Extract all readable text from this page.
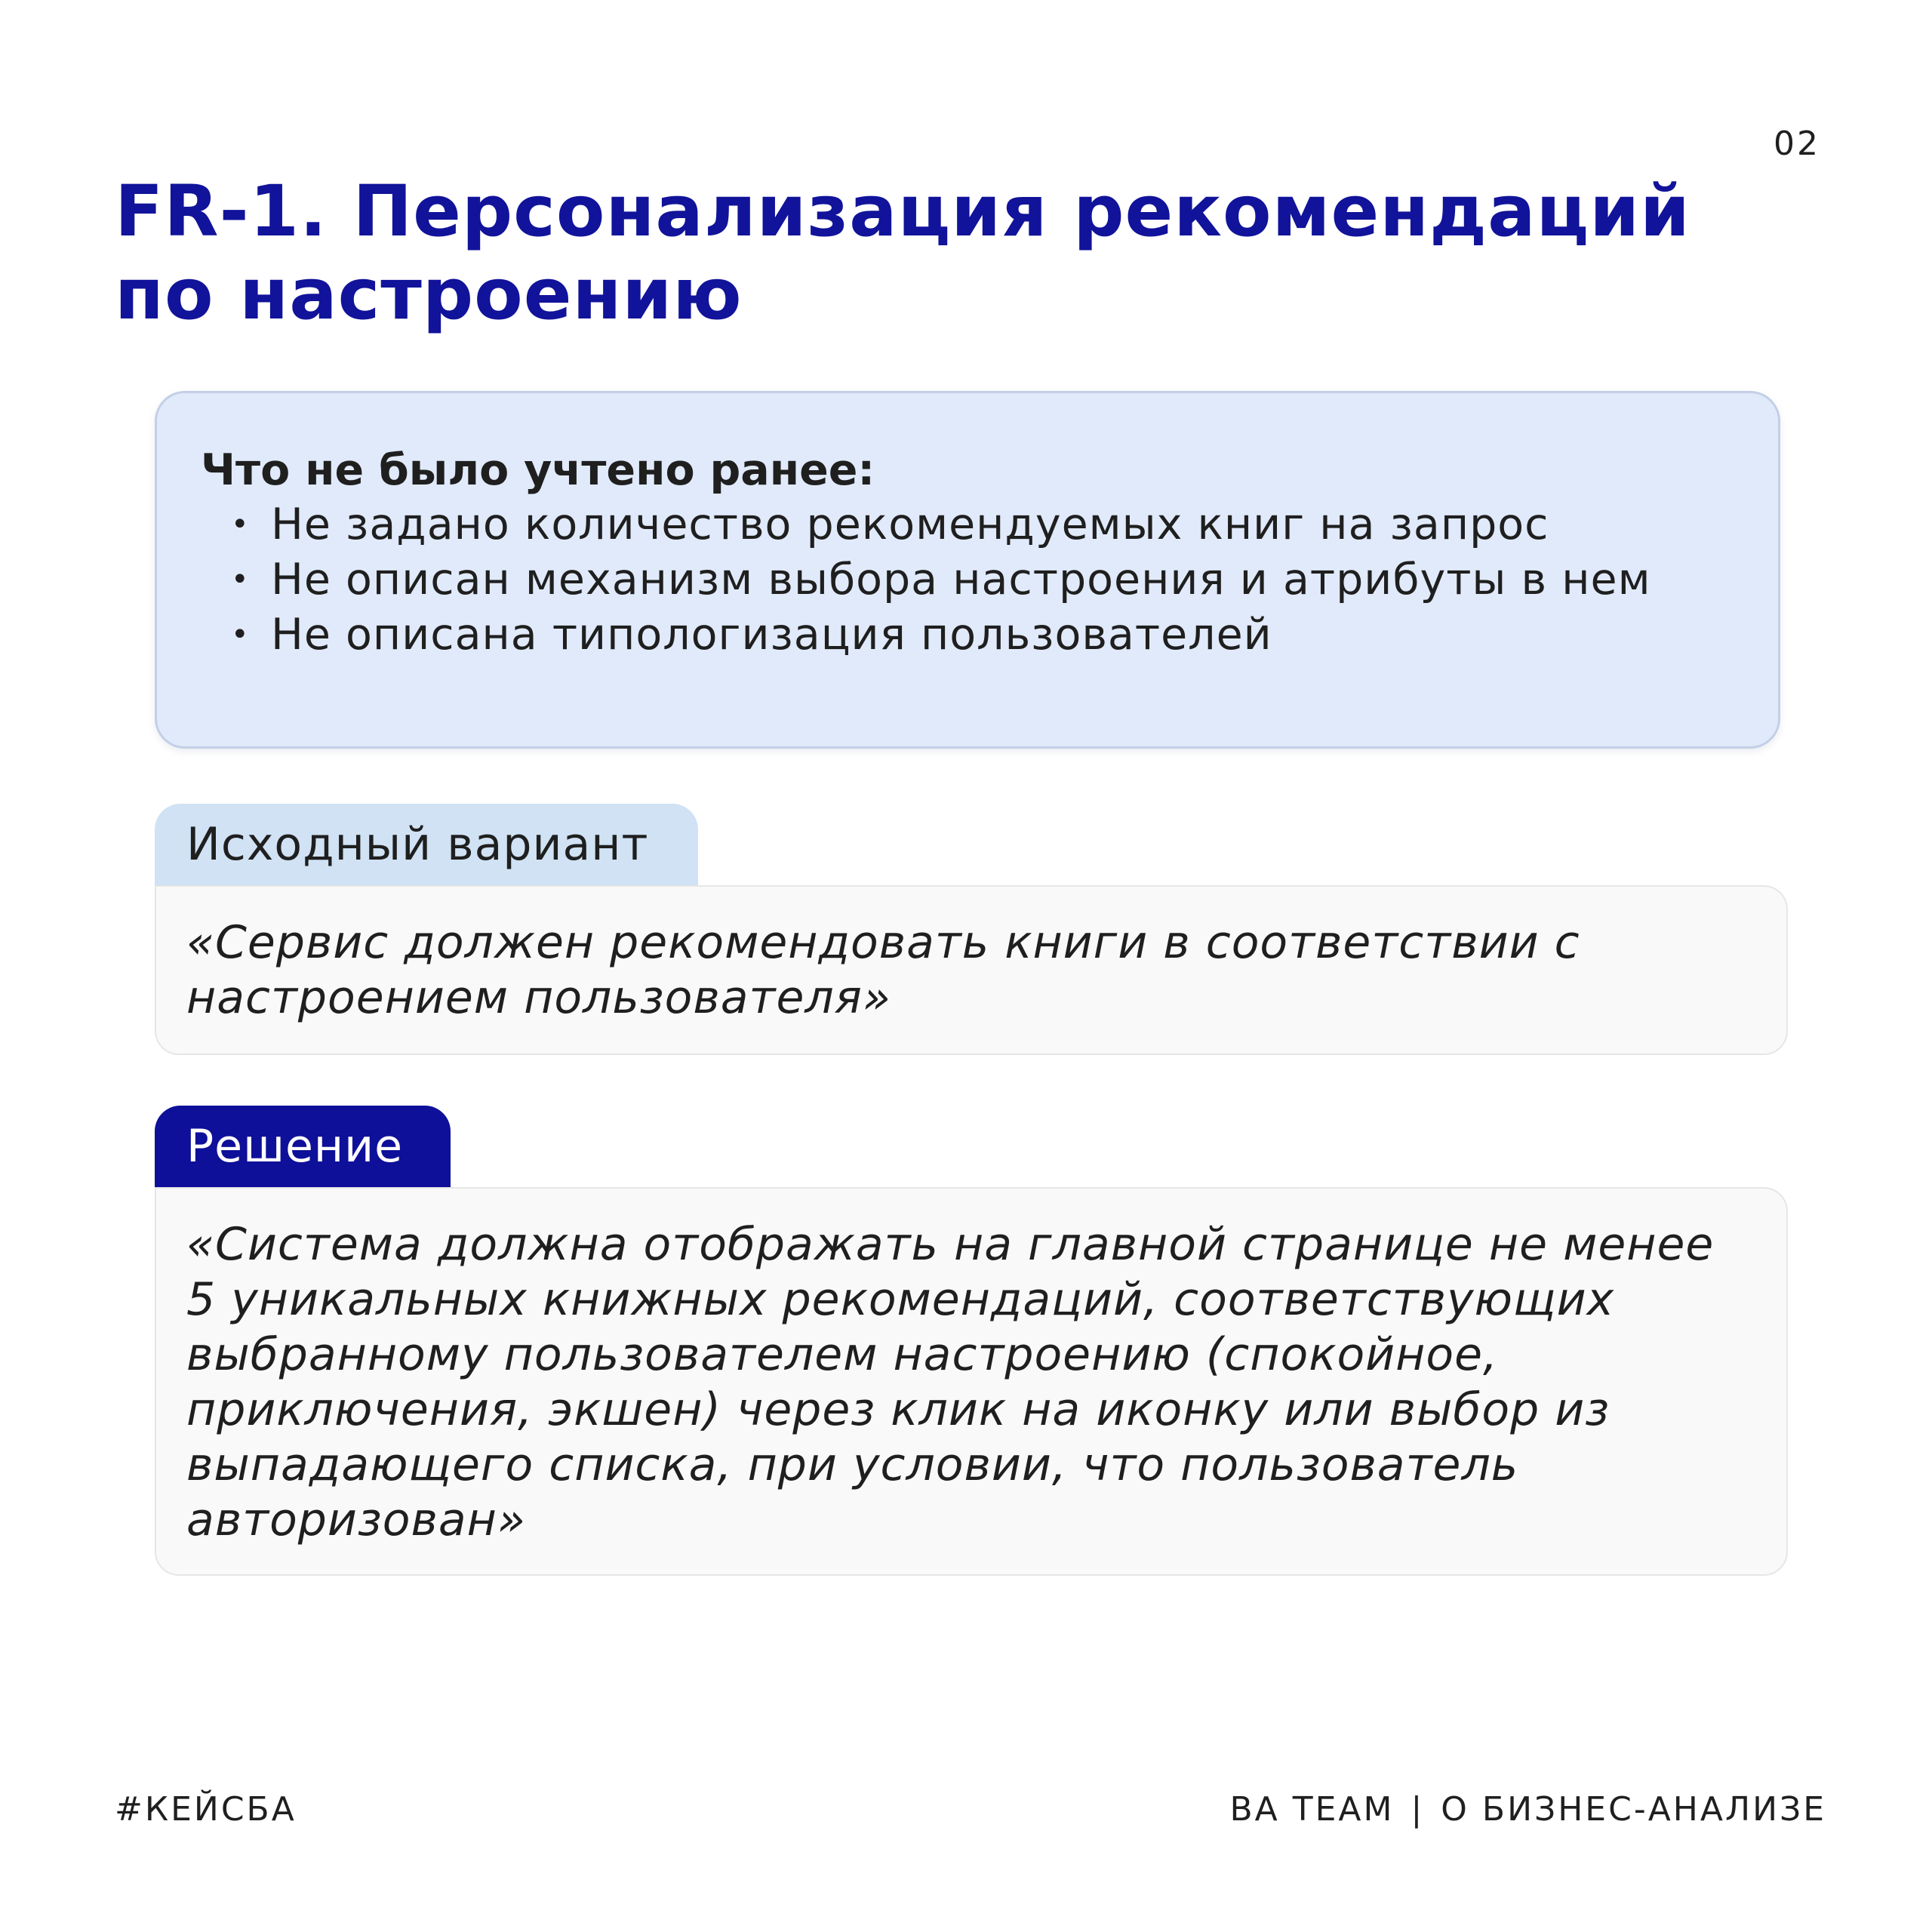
02
FR-1. Персонализация рекомендаций по настроению
Что не было учтено ранее:
• Не задано количество рекомендуемых книг на запрос
• Не описан механизм выбора настроения и атрибуты в нем
• Не описана типологизация пользователей
Исходный вариант
«Сервис должен рекомендовать книги в соответствии с настроением пользователя»
Решение
«Система должна отображать на главной странице не менее 5 уникальных книжных рекомендаций, соответствующих выбранному пользователем настроению (спокойное, приключения, экшен) через клик на иконку или выбор из выпадающего списка, при условии, что пользователь авторизован»
#КЕЙСБА	BA TEAM | О БИЗНЕС-АНАЛИЗЕ
